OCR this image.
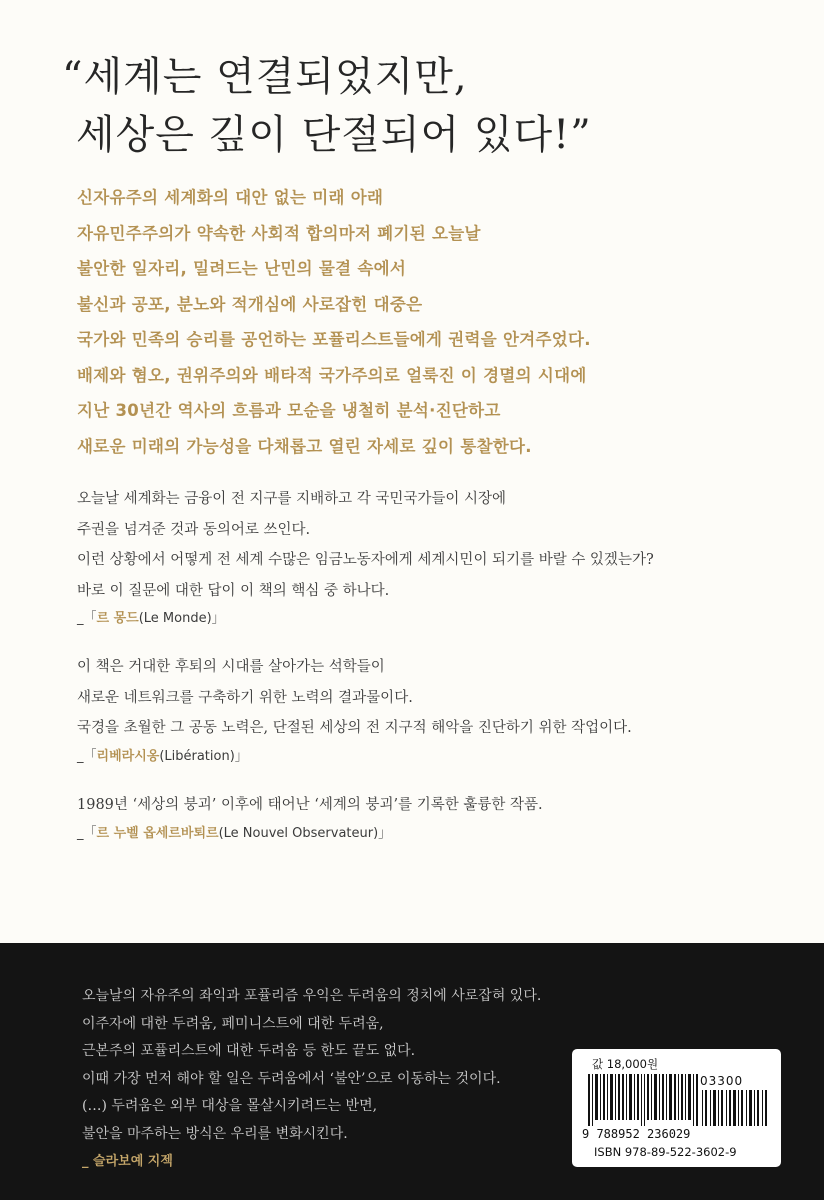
“세계는 연결되었지만,
세상은 깊이 단절되어 있다!”
신자유주의 세계화의 대안 없는 미래 아래
자유민주주의가 약속한 사회적 합의마저 폐기된 오늘날
불안한 일자리, 밀려드는 난민의 물결 속에서
불신과 공포, 분노와 적개심에 사로잡힌 대중은
국가와 민족의 승리를 공언하는 포퓰리스트들에게 권력을 안겨주었다.
배제와 혐오, 권위주의와 배타적 국가주의로 얼룩진 이 경멸의 시대에
지난 30년간 역사의 흐름과 모순을 냉철히 분석·진단하고
새로운 미래의 가능성을 다채롭고 열린 자세로 깊이 통찰한다.
오늘날 세계화는 금융이 전 지구를 지배하고 각 국민국가들이 시장에
주권을 넘겨준 것과 동의어로 쓰인다.
이런 상황에서 어떻게 전 세계 수많은 임금노동자에게 세계시민이 되기를 바랄 수 있겠는가?
바로 이 질문에 대한 답이 이 책의 핵심 중 하나다.
_「르 몽드(Le Monde)」
이 책은 거대한 후퇴의 시대를 살아가는 석학들이
새로운 네트워크를 구축하기 위한 노력의 결과물이다.
국경을 초월한 그 공동 노력은, 단절된 세상의 전 지구적 해악을 진단하기 위한 작업이다.
_「리베라시옹(Libération)」
1989년 ‘세상의 붕괴’ 이후에 태어난 ‘세계의 붕괴’를 기록한 훌륭한 작품.
_「르 누벨 옵세르바퇴르(Le Nouvel Observateur)」
오늘날의 자유주의 좌익과 포퓰리즘 우익은 두려움의 정치에 사로잡혀 있다.
이주자에 대한 두려움, 페미니스트에 대한 두려움,
근본주의 포퓰리스트에 대한 두려움 등 한도 끝도 없다.
이때 가장 먼저 해야 할 일은 두려움에서 ‘불안’으로 이동하는 것이다.
(…) 두려움은 외부 대상을 몰살시키려드는 반면,
불안을 마주하는 방식은 우리를 변화시킨다.
_ 슬라보예 지젝
값 18,000원
03300
9 788952 236029
ISBN 978-89-522-3602-9
